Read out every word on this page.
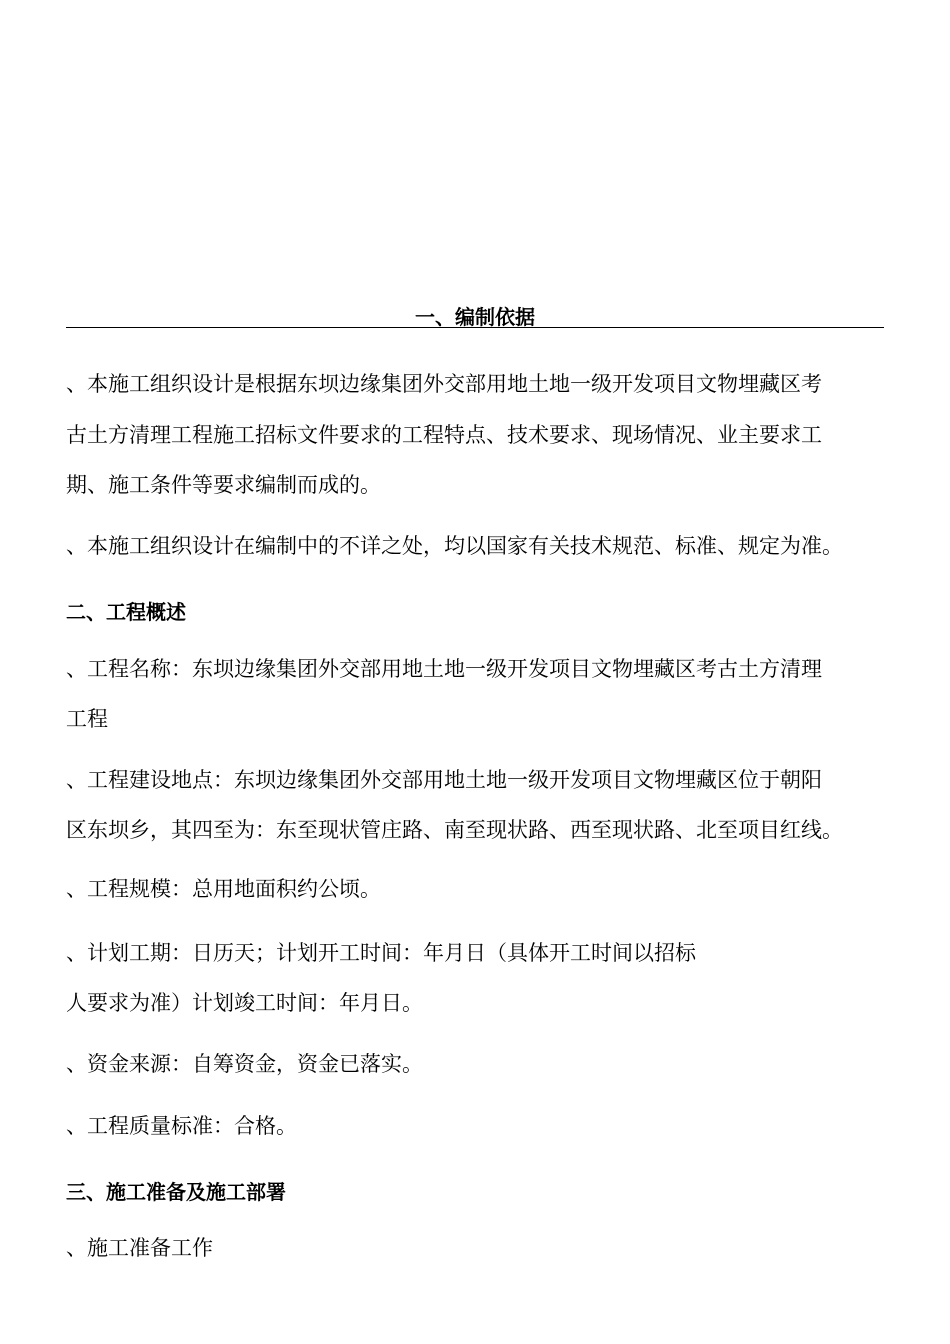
一、编制依据
、本施工组织设计是根据东坝边缘集团外交部用地土地一级开发项目文物埋藏区考
古土方清理工程施工招标文件要求的工程特点、技术要求、现场情况、业主要求工
期、施工条件等要求编制而成的。
、本施工组织设计在编制中的不详之处，均以国家有关技术规范、标准、规定为准。
二、工程概述
、工程名称：东坝边缘集团外交部用地土地一级开发项目文物埋藏区考古土方清理
工程
、工程建设地点：东坝边缘集团外交部用地土地一级开发项目文物埋藏区位于朝阳
区东坝乡，其四至为：东至现状管庄路、南至现状路、西至现状路、北至项目红线。
、工程规模：总用地面积约公顷。
、计划工期：日历天；计划开工时间：年月日（具体开工时间以招标
人要求为准）计划竣工时间：年月日。
、资金来源：自筹资金，资金已落实。
、工程质量标准：合格。
三、施工准备及施工部署
、施工准备工作
